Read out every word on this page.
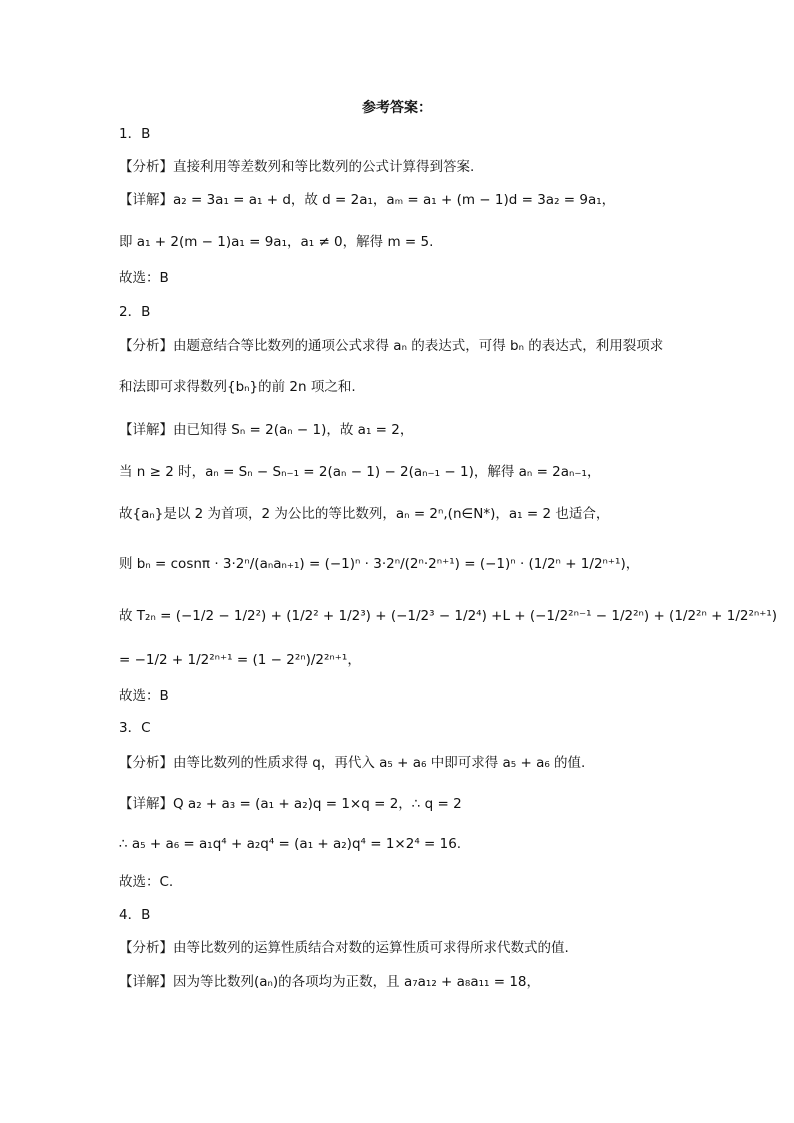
参考答案：
1．B
【分析】直接利用等差数列和等比数列的公式计算得到答案.
【详解】a₂ = 3a₁ = a₁ + d，故 d = 2a₁，aₘ = a₁ + (m − 1)d = 3a₂ = 9a₁，
即 a₁ + 2(m − 1)a₁ = 9a₁，a₁ ≠ 0，解得 m = 5.
故选：B
2．B
【分析】由题意结合等比数列的通项公式求得 aₙ 的表达式，可得 bₙ 的表达式，利用裂项求
和法即可求得数列{bₙ}的前 2n 项之和.
【详解】由已知得 Sₙ = 2(aₙ − 1)，故 a₁ = 2，
当 n ≥ 2 时，aₙ = Sₙ − Sₙ₋₁ = 2(aₙ − 1) − 2(aₙ₋₁ − 1)，解得 aₙ = 2aₙ₋₁，
故{aₙ}是以 2 为首项，2 为公比的等比数列，aₙ = 2ⁿ,(n∈N*)，a₁ = 2 也适合，
则 bₙ = cosnπ · 3·2ⁿ/(aₙaₙ₊₁) = (−1)ⁿ · 3·2ⁿ/(2ⁿ·2ⁿ⁺¹) = (−1)ⁿ · (1/2ⁿ + 1/2ⁿ⁺¹)，
故 T₂ₙ = (−1/2 − 1/2²) + (1/2² + 1/2³) + (−1/2³ − 1/2⁴) +L + (−1/2²ⁿ⁻¹ − 1/2²ⁿ) + (1/2²ⁿ + 1/2²ⁿ⁺¹)
= −1/2 + 1/2²ⁿ⁺¹ = (1 − 2²ⁿ)/2²ⁿ⁺¹，
故选：B
3．C
【分析】由等比数列的性质求得 q，再代入 a₅ + a₆ 中即可求得 a₅ + a₆ 的值.
【详解】Q a₂ + a₃ = (a₁ + a₂)q = 1×q = 2，∴ q = 2
∴ a₅ + a₆ = a₁q⁴ + a₂q⁴ = (a₁ + a₂)q⁴ = 1×2⁴ = 16.
故选：C.
4．B
【分析】由等比数列的运算性质结合对数的运算性质可求得所求代数式的值.
【详解】因为等比数列(aₙ)的各项均为正数，且 a₇a₁₂ + a₈a₁₁ = 18，
